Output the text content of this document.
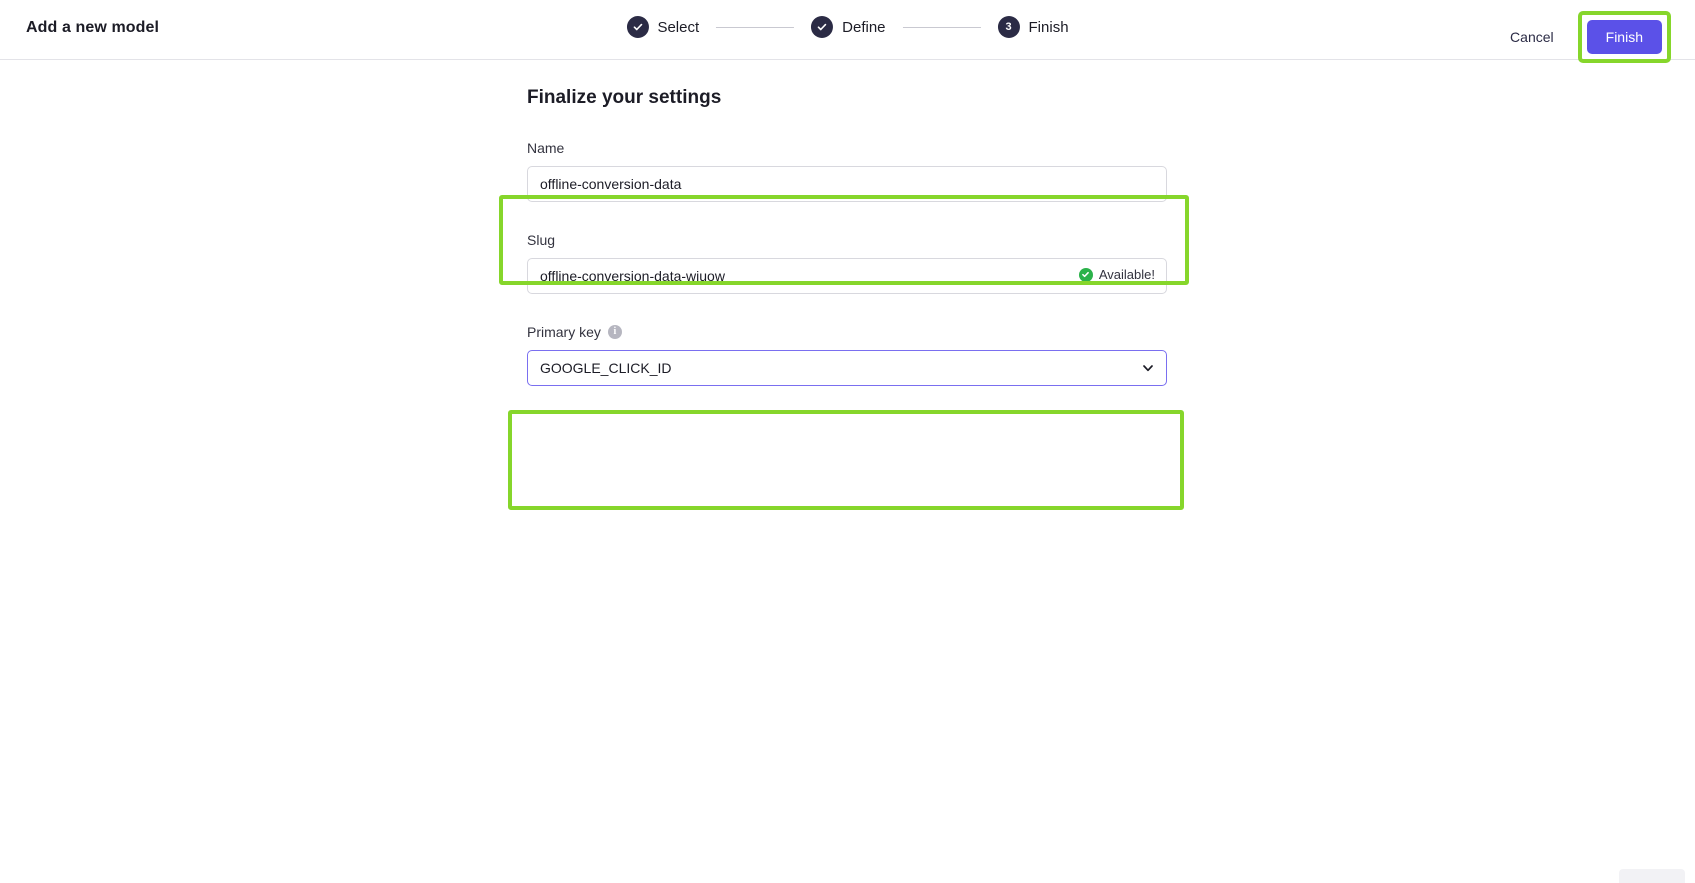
Add a new model	Select	Define	3	Finish
Cancel	Finish
Finalize your settings
Name
offline-conversion-data
Slug
offline-conversion-data-wjuow
Available!
Primary key	i
GOOGLE_CLICK_ID
